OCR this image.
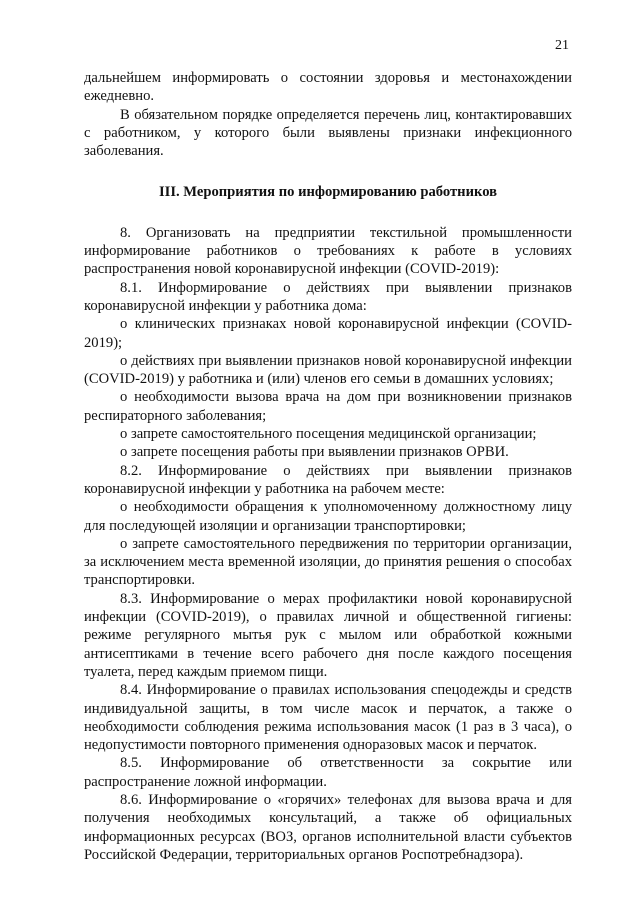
21

дальнейшем информировать о состоянии здоровья и местонахождении ежедневно.

В обязательном порядке определяется перечень лиц, контактировавших с работником, у которого были выявлены признаки инфекционного заболевания.

III. Мероприятия по информированию работников

8. Организовать на предприятии текстильной промышленности информирование работников о требованиях к работе в условиях распространения новой коронавирусной инфекции (COVID-2019):

8.1. Информирование о действиях при выявлении признаков коронавирусной инфекции у работника дома:

о клинических признаках новой коронавирусной инфекции (COVID-2019);

о действиях при выявлении признаков новой коронавирусной инфекции (COVID-2019) у работника и (или) членов его семьи в домашних условиях;

о необходимости вызова врача на дом при возникновении признаков респираторного заболевания;

о запрете самостоятельного посещения медицинской организации;

о запрете посещения работы при выявлении признаков ОРВИ.

8.2. Информирование о действиях при выявлении признаков коронавирусной инфекции у работника на рабочем месте:

о необходимости обращения к уполномоченному должностному лицу для последующей изоляции и организации транспортировки;

о запрете самостоятельного передвижения по территории организации, за исключением места временной изоляции, до принятия решения о способах транспортировки.

8.3. Информирование о мерах профилактики новой коронавирусной инфекции (COVID-2019), о правилах личной и общественной гигиены: режиме регулярного мытья рук с мылом или обработкой кожными антисептиками в течение всего рабочего дня после каждого посещения туалета, перед каждым приемом пищи.

8.4. Информирование о правилах использования спецодежды и средств индивидуальной защиты, в том числе масок и перчаток, а также о необходимости соблюдения режима использования масок (1 раз в 3 часа), о недопустимости повторного применения одноразовых масок и перчаток.

8.5. Информирование об ответственности за сокрытие или распространение ложной информации.

8.6. Информирование о «горячих» телефонах для вызова врача и для получения необходимых консультаций, а также об официальных информационных ресурсах (ВОЗ, органов исполнительной власти субъектов Российской Федерации, территориальных органов Роспотребнадзора).
